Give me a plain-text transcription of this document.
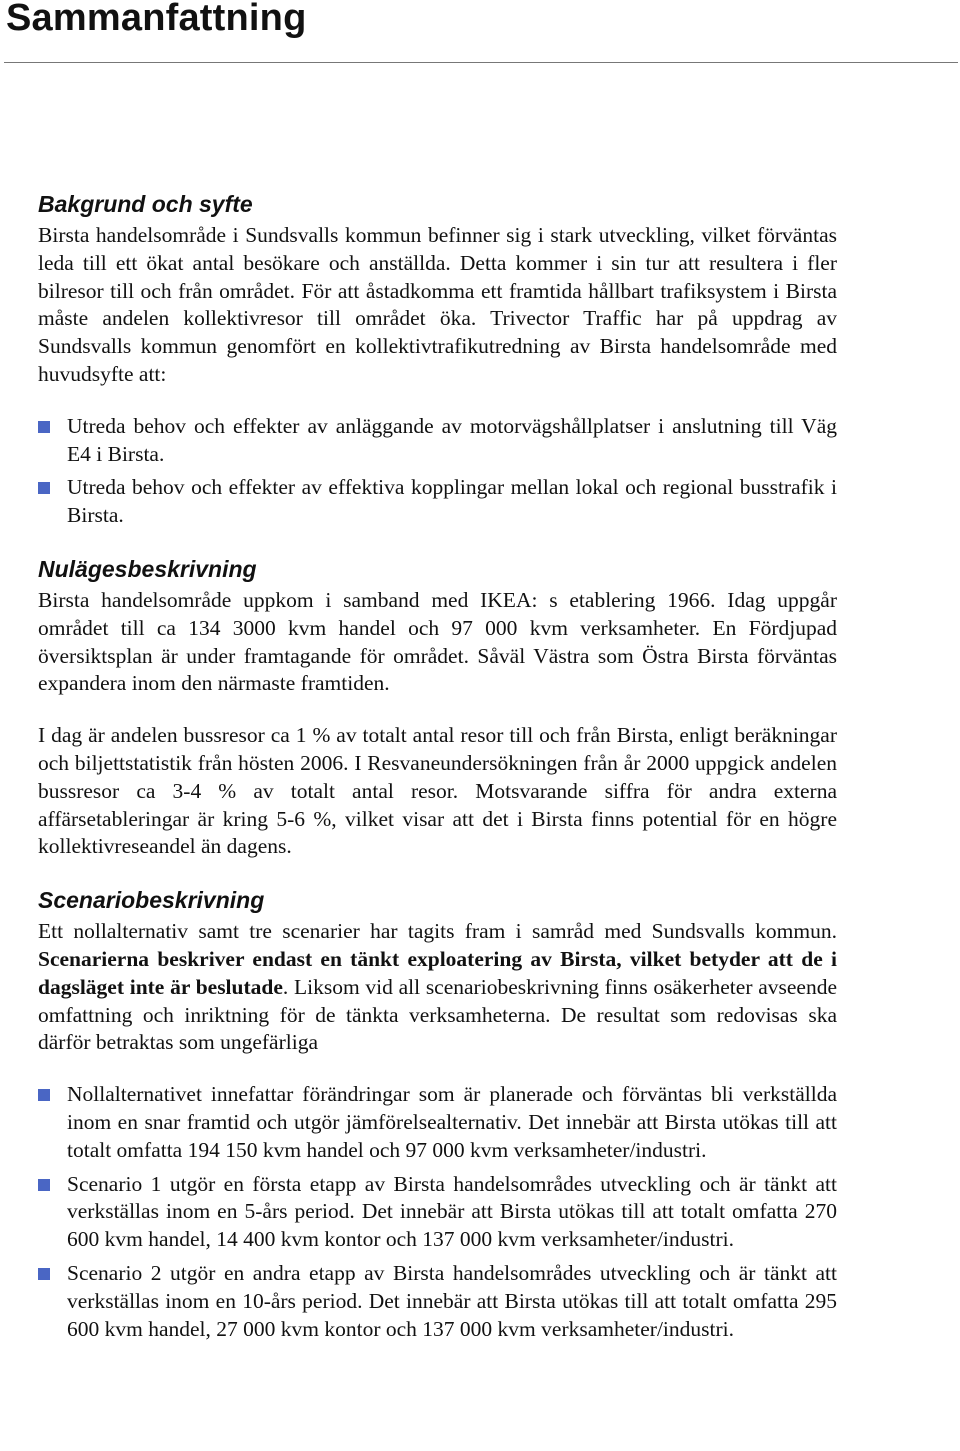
Sammanfattning
Bakgrund och syfte

Birsta handelsområde i Sundsvalls kommun befinner sig i stark utveckling, vilket förväntas leda till ett ökat antal besökare och anställda. Detta kommer i sin tur att resultera i fler bilresor till och från området. För att åstadkomma ett framtida hållbart trafiksystem i Birsta måste andelen kollektivresor till området öka. Trivector Traffic har på uppdrag av Sundsvalls kommun genomfört en kollektivtrafikutredning av Birsta handelsområde med huvudsyfte att:

Utreda behov och effekter av anläggande av motorvägshållplatser i anslutning till Väg E4 i Birsta.
Utreda behov och effekter av effektiva kopplingar mellan lokal och regional busstrafik i Birsta.
Nulägesbeskrivning

Birsta handelsområde uppkom i samband med IKEA: s etablering 1966. Idag uppgår området till ca 134 3000 kvm handel och 97 000 kvm verksamheter. En Fördjupad översiktsplan är under framtagande för området. Såväl Västra som Östra Birsta förväntas expandera inom den närmaste framtiden.

I dag är andelen bussresor ca 1 % av totalt antal resor till och från Birsta, enligt beräkningar och biljettstatistik från hösten 2006. I Resvaneundersökningen från år 2000 uppgick andelen bussresor ca 3-4 % av totalt antal resor. Motsvarande siffra för andra externa affärsetableringar är kring 5-6 %, vilket visar att det i Birsta finns potential för en högre kollektivreseandel än dagens.

Scenariobeskrivning

Ett nollalternativ samt tre scenarier har tagits fram i samråd med Sundsvalls kommun. Scenarierna beskriver endast en tänkt exploatering av Birsta, vilket betyder att de i dagsläget inte är beslutade. Liksom vid all scenariobeskrivning finns osäkerheter avseende omfattning och inriktning för de tänkta verksamheterna. De resultat som redovisas ska därför betraktas som ungefärliga

Nollalternativet innefattar förändringar som är planerade och förväntas bli verkställda inom en snar framtid och utgör jämförelsealternativ. Det innebär att Birsta utökas till att totalt omfatta 194 150 kvm handel och 97 000 kvm verksamheter/industri.
Scenario 1 utgör en första etapp av Birsta handelsområdes utveckling och är tänkt att verkställas inom en 5-års period. Det innebär att Birsta utökas till att totalt omfatta 270 600 kvm handel, 14 400 kvm kontor och 137 000 kvm verksamheter/industri.
Scenario 2 utgör en andra etapp av Birsta handelsområdes utveckling och är tänkt att verkställas inom en 10-års period. Det innebär att Birsta utökas till att totalt omfatta 295 600 kvm handel, 27 000 kvm kontor och 137 000 kvm verksamheter/industri.
